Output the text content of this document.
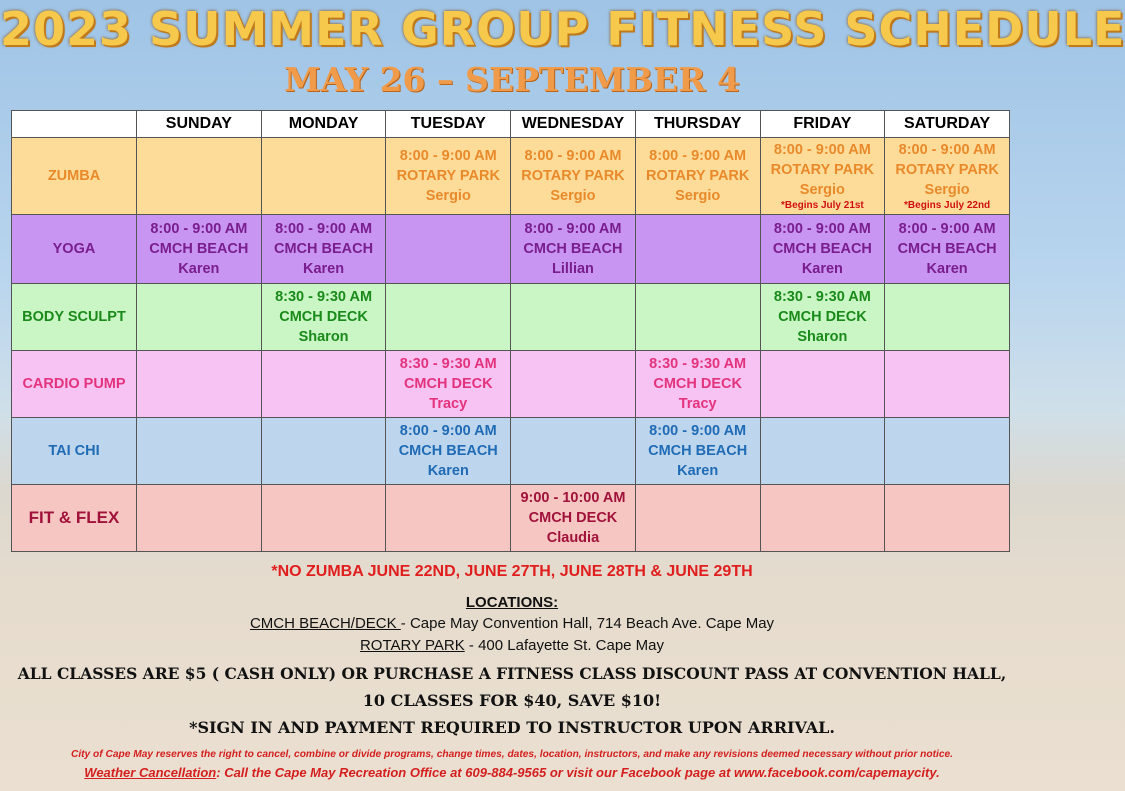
2023 SUMMER GROUP FITNESS SCHEDULE
MAY 26 – SEPTEMBER 4
	SUNDAY	MONDAY	TUESDAY	WEDNESDAY	THURSDAY	FRIDAY	SATURDAY
ZUMBA			8:00 - 9:00 AM
ROTARY PARK
Sergio	8:00 - 9:00 AM
ROTARY PARK
Sergio	8:00 - 9:00 AM
ROTARY PARK
Sergio	8:00 - 9:00 AM
ROTARY PARK
Sergio
*Begins July 21st	8:00 - 9:00 AM
ROTARY PARK
Sergio
*Begins July 22nd

YOGA	8:00 - 9:00 AM
CMCH BEACH
Karen	8:00 - 9:00 AM
CMCH BEACH
Karen		8:00 - 9:00 AM
CMCH BEACH
Lillian		8:00 - 9:00 AM
CMCH BEACH
Karen	8:00 - 9:00 AM
CMCH BEACH
Karen

BODY SCULPT		8:30 - 9:30 AM
CMCH DECK
Sharon				8:30 - 9:30 AM
CMCH DECK
Sharon	

CARDIO PUMP			8:30 - 9:30 AM
CMCH DECK
Tracy		8:30 - 9:30 AM
CMCH DECK
Tracy		

TAI CHI			8:00 - 9:00 AM
CMCH BEACH
Karen		8:00 - 9:00 AM
CMCH BEACH
Karen		

FIT & FLEX				9:00 - 10:00 AM
CMCH DECK
Claudia			

*NO ZUMBA JUNE 22ND, JUNE 27TH, JUNE 28TH & JUNE 29TH
LOCATIONS:
CMCH BEACH/DECK - Cape May Convention Hall, 714 Beach Ave. Cape May
ROTARY PARK - 400 Lafayette St. Cape May
ALL CLASSES ARE $5 ( CASH ONLY) OR PURCHASE A FITNESS CLASS DISCOUNT PASS AT CONVENTION HALL,
10 CLASSES FOR $40, SAVE $10!
*SIGN IN AND PAYMENT REQUIRED TO INSTRUCTOR UPON ARRIVAL.
City of Cape May reserves the right to cancel, combine or divide programs, change times, dates, location, instructors, and make any revisions deemed necessary without prior notice.
Weather Cancellation: Call the Cape May Recreation Office at 609-884-9565 or visit our Facebook page at www.facebook.com/capemaycity.
